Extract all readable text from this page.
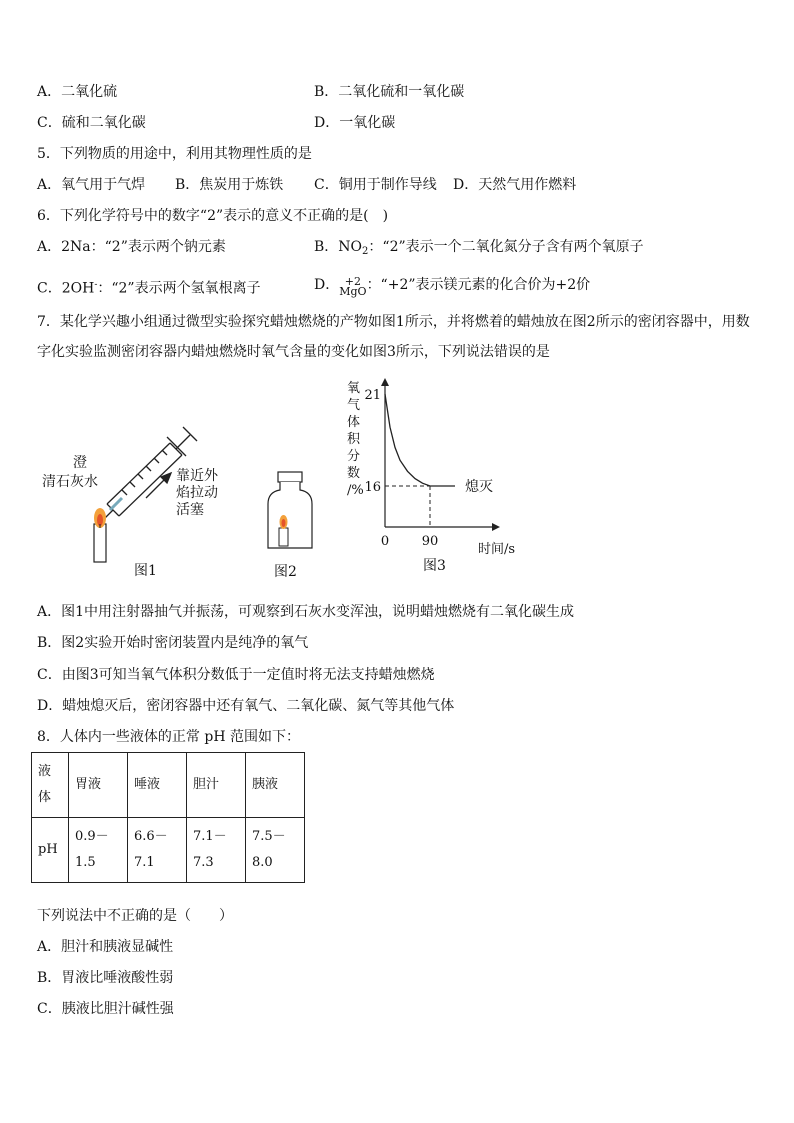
A．二氧化硫	B．二氧化硫和一氧化碳
C．硫和二氧化碳	D．一氧化碳
5．下列物质的用途中，利用其物理性质的是
A．氧气用于气焊 B．焦炭用于炼铁 C．铜用于制作导线 D．天然气用作燃料
6．下列化学符号中的数字“2”表示的意义不正确的是(　)
A．2Na：“2”表示两个钠元素	B．$NO_2$：“2”表示一个二氧化氮分子含有两个氧原子
C．2OH-：“2”表示两个氢氧根离子	D． +2
MgO ：“+2”表示镁元素的化合价为+2价
7．某化学兴趣小组通过微型实验探究蜡烛燃烧的产物如图1所示，并将燃着的蜡烛放在图2所示的密闭容器中，用数
字化实验监测密闭容器内蜡烛燃烧时氧气含量的变化如图3所示，下列说法错误的是
澄
清石灰水	靠近外
焰拉动
活塞
图1	图2
氧
气
体
积
分
数
/%
21
16
0	90
熄灭
时间/s
图3
A．图1中用注射器抽气并振荡，可观察到石灰水变浑浊，说明蜡烛燃烧有二氧化碳生成
B．图2实验开始时密闭装置内是纯净的氧气
C．由图3可知当氧气体积分数低于一定值时将无法支持蜡烛燃烧
D．蜡烛熄灭后，密闭容器中还有氧气、二氧化碳、氮气等其他气体
8．人体内一些液体的正常 pH 范围如下：
液体	胃液	唾液	胆汁	胰液
pH	0.9－1.5	6.6－7.1	7.1－7.3	7.5－8.0
下列说法中不正确的是（　　）
A．胆汁和胰液显碱性
B．胃液比唾液酸性弱
C．胰液比胆汁碱性强
